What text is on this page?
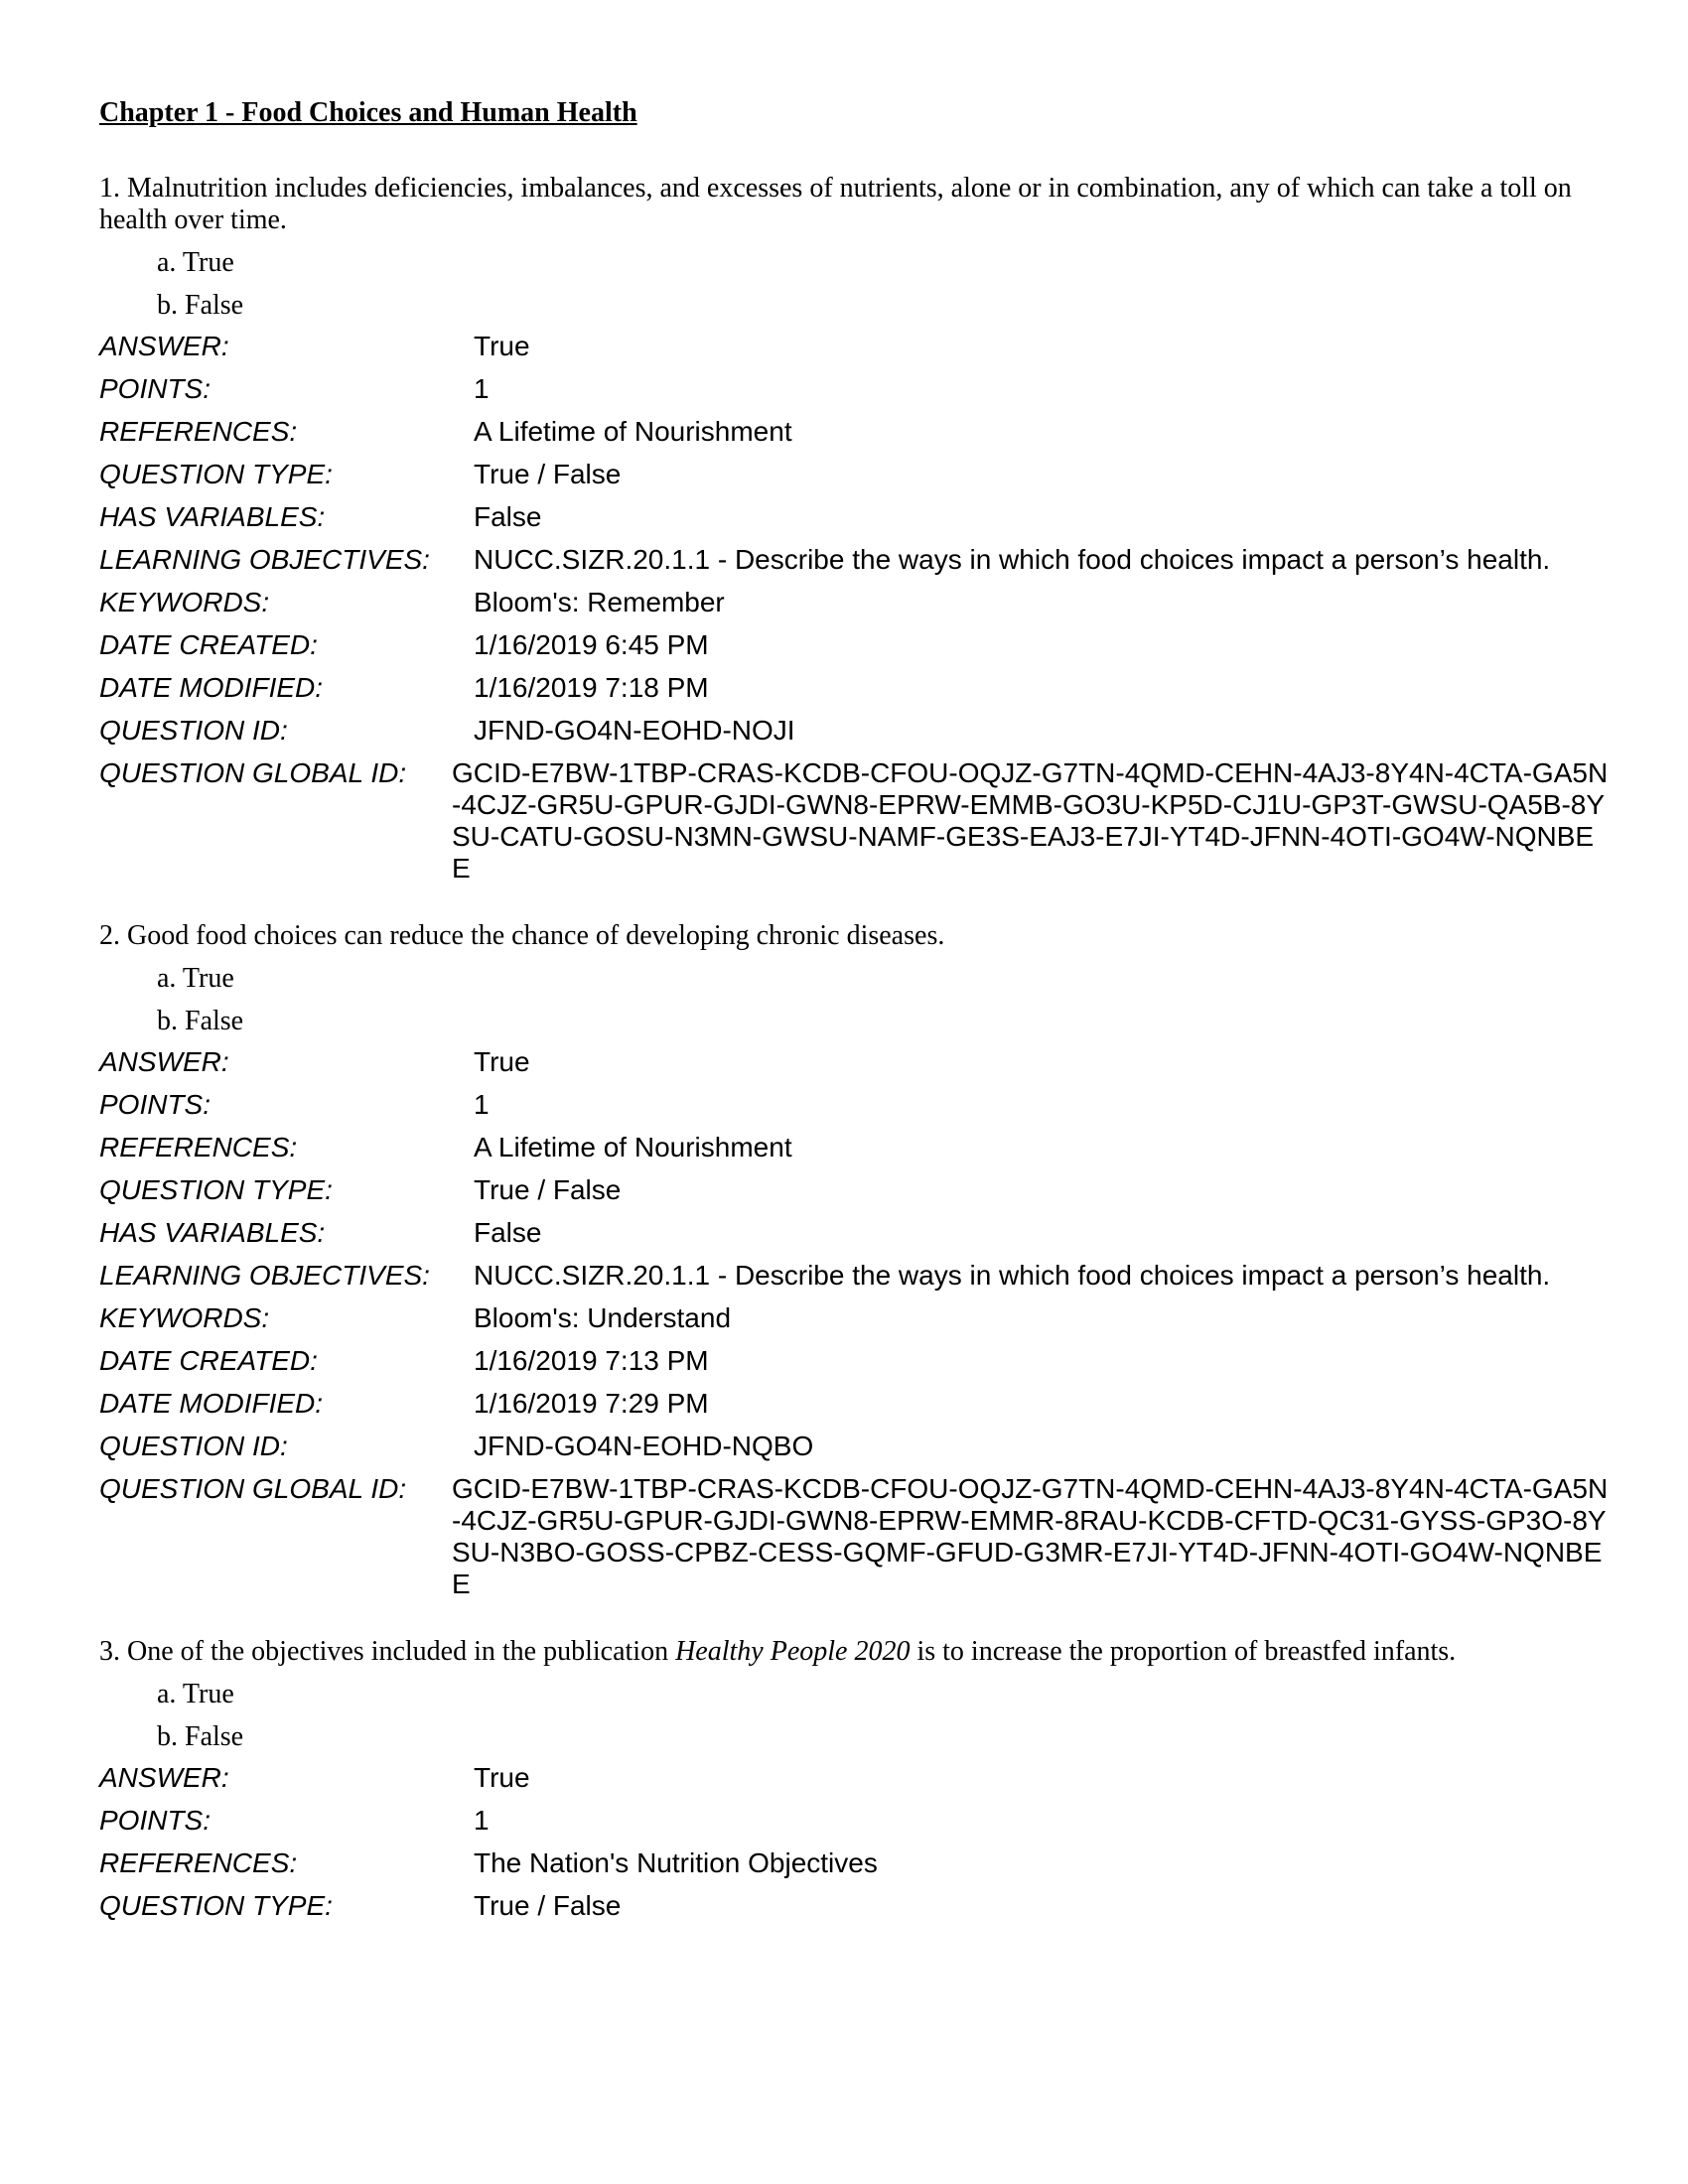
Chapter 1 - Food Choices and Human Health

1. Malnutrition includes deficiencies, imbalances, and excesses of nutrients, alone or in combination, any of which can take a toll on health over time.

a. True
b. False
ANSWER:	True
POINTS:	1
REFERENCES:	A Lifetime of Nourishment
QUESTION TYPE:	True / False
HAS VARIABLES:	False
LEARNING OBJECTIVES:	NUCC.SIZR.20.1.1 - Describe the ways in which food choices impact a person’s health.
KEYWORDS:	Bloom's: Remember
DATE CREATED:	1/16/2019 6:45 PM
DATE MODIFIED:	1/16/2019 7:18 PM
QUESTION ID:	JFND-GO4N-EOHD-NOJI
QUESTION GLOBAL ID:	GCID-E7BW-1TBP-CRAS-KCDB-CFOU-OQJZ-G7TN-4QMD-CEHN-4AJ3-8Y4N-4CTA-GA5N-4CJZ-GR5U-GPUR-GJDI-GWN8-EPRW-EMMB-GO3U-KP5D-CJ1U-GP3T-GWSU-QA5B-8YSU-CATU-GOSU-N3MN-GWSU-NAMF-GE3S-EAJ3-E7JI-YT4D-JFNN-4OTI-GO4W-NQNBEE

2. Good food choices can reduce the chance of developing chronic diseases.

a. True
b. False
ANSWER:	True
POINTS:	1
REFERENCES:	A Lifetime of Nourishment
QUESTION TYPE:	True / False
HAS VARIABLES:	False
LEARNING OBJECTIVES:	NUCC.SIZR.20.1.1 - Describe the ways in which food choices impact a person’s health.
KEYWORDS:	Bloom's: Understand
DATE CREATED:	1/16/2019 7:13 PM
DATE MODIFIED:	1/16/2019 7:29 PM
QUESTION ID:	JFND-GO4N-EOHD-NQBO
QUESTION GLOBAL ID:	GCID-E7BW-1TBP-CRAS-KCDB-CFOU-OQJZ-G7TN-4QMD-CEHN-4AJ3-8Y4N-4CTA-GA5N-4CJZ-GR5U-GPUR-GJDI-GWN8-EPRW-EMMR-8RAU-KCDB-CFTD-QC31-GYSS-GP3O-8YSU-N3BO-GOSS-CPBZ-CESS-GQMF-GFUD-G3MR-E7JI-YT4D-JFNN-4OTI-GO4W-NQNBEE

3. One of the objectives included in the publication Healthy People 2020 is to increase the proportion of breastfed infants.

a. True
b. False
ANSWER:	True
POINTS:	1
REFERENCES:	The Nation's Nutrition Objectives
QUESTION TYPE:	True / False
